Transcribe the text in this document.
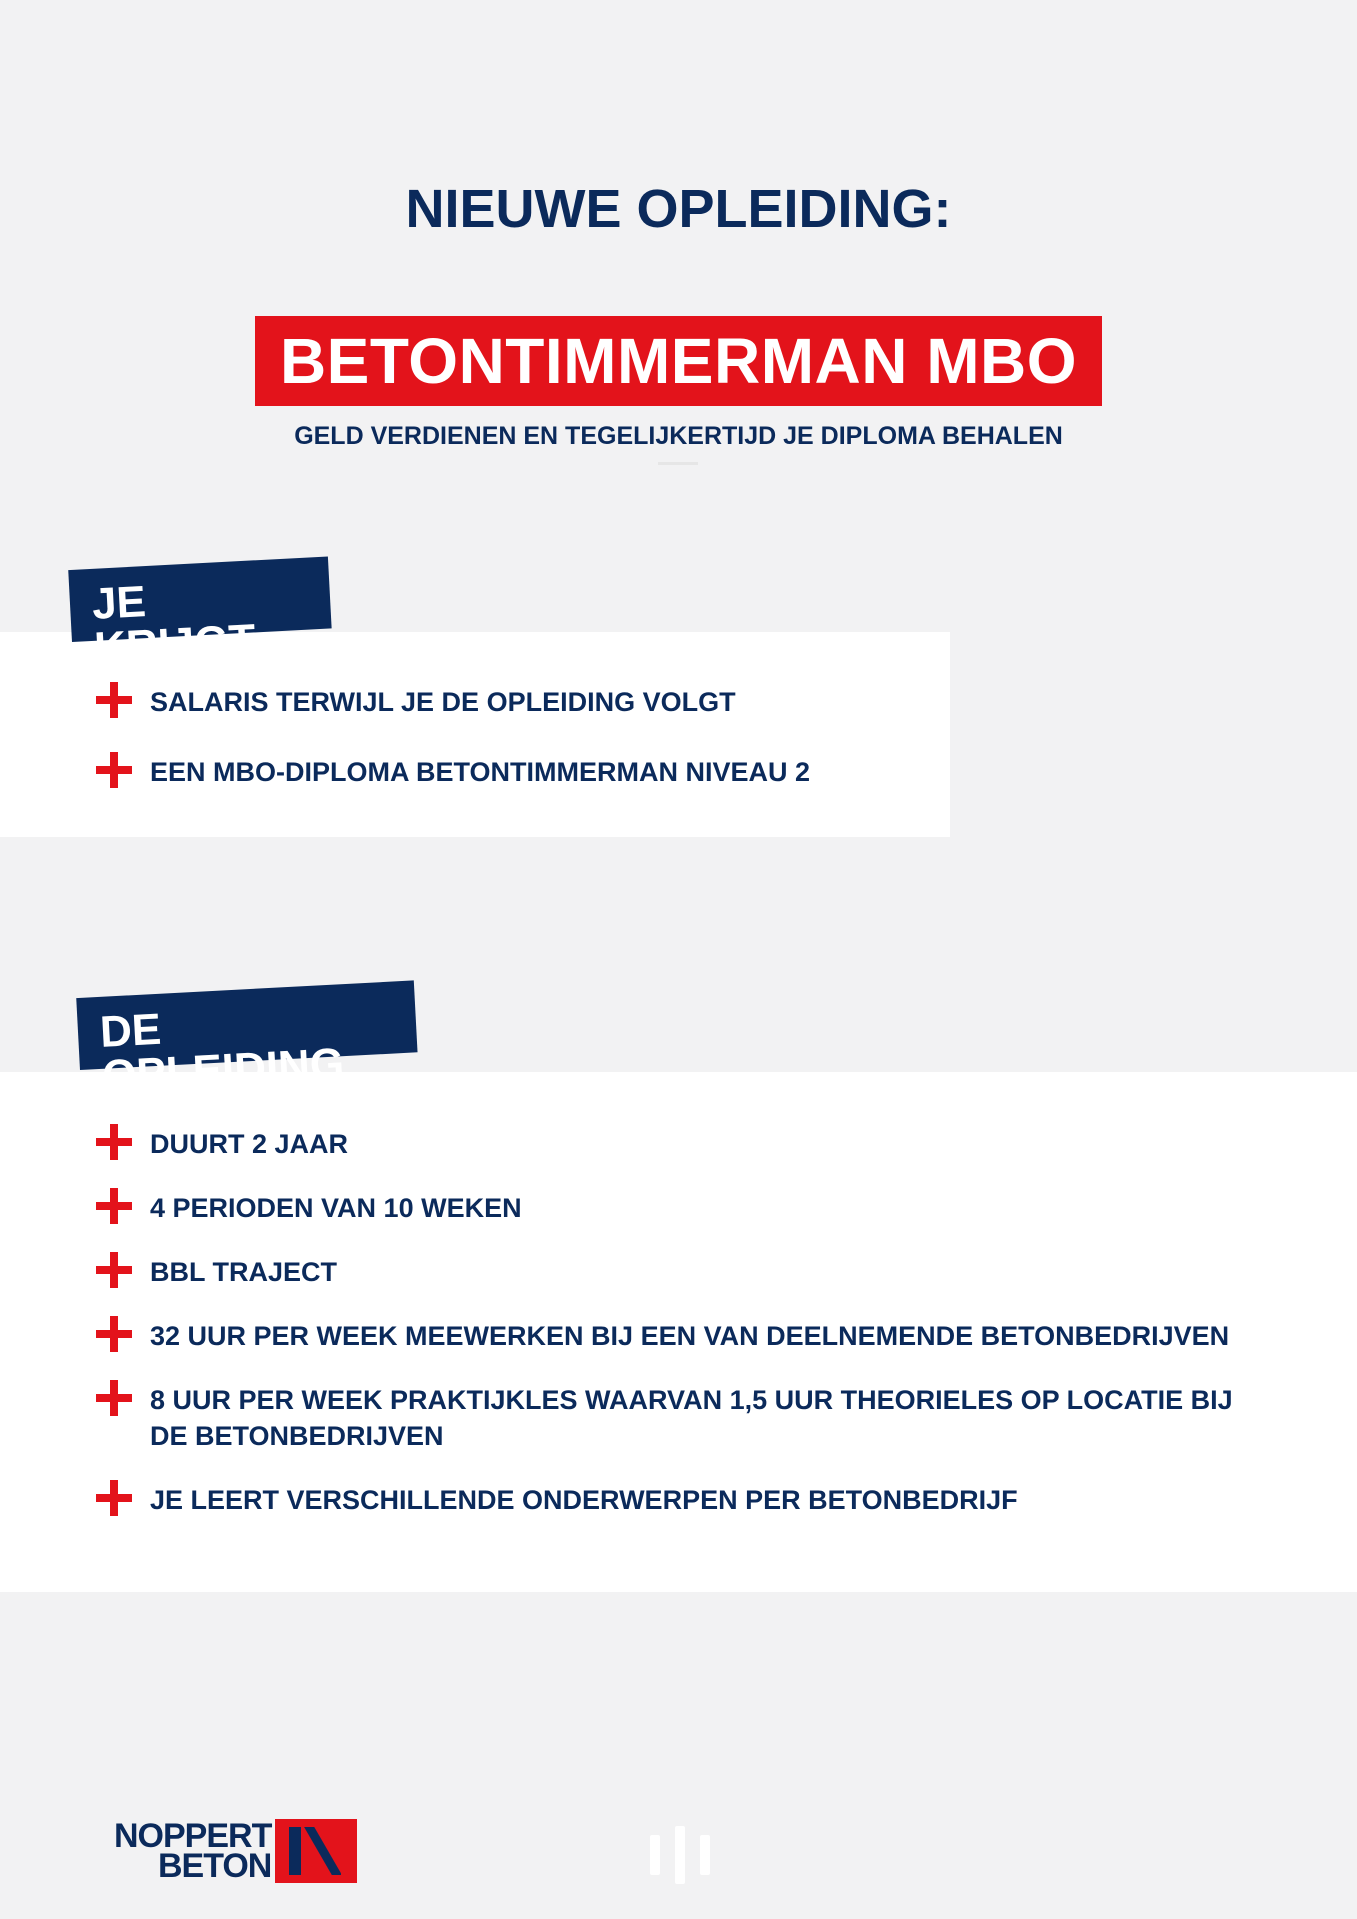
NIEUWE OPLEIDING:
BETONTIMMERMAN MBO
GELD VERDIENEN EN TEGELIJKERTIJD JE DIPLOMA BEHALEN
JE KRIJGT
SALARIS TERWIJL JE DE OPLEIDING VOLGT
EEN MBO-DIPLOMA BETONTIMMERMAN NIVEAU 2
DE OPLEIDING
DUURT 2 JAAR
4 PERIODEN VAN 10 WEKEN
BBL TRAJECT
32 UUR PER WEEK MEEWERKEN BIJ EEN VAN DEELNEMENDE BETONBEDRIJVEN
8 UUR PER WEEK PRAKTIJKLES WAARVAN 1,5 UUR THEORIELES OP LOCATIE BIJ DE BETONBEDRIJVEN
JE LEERT VERSCHILLENDE ONDERWERPEN PER BETONBEDRIJF
NOPPERT
BETON
